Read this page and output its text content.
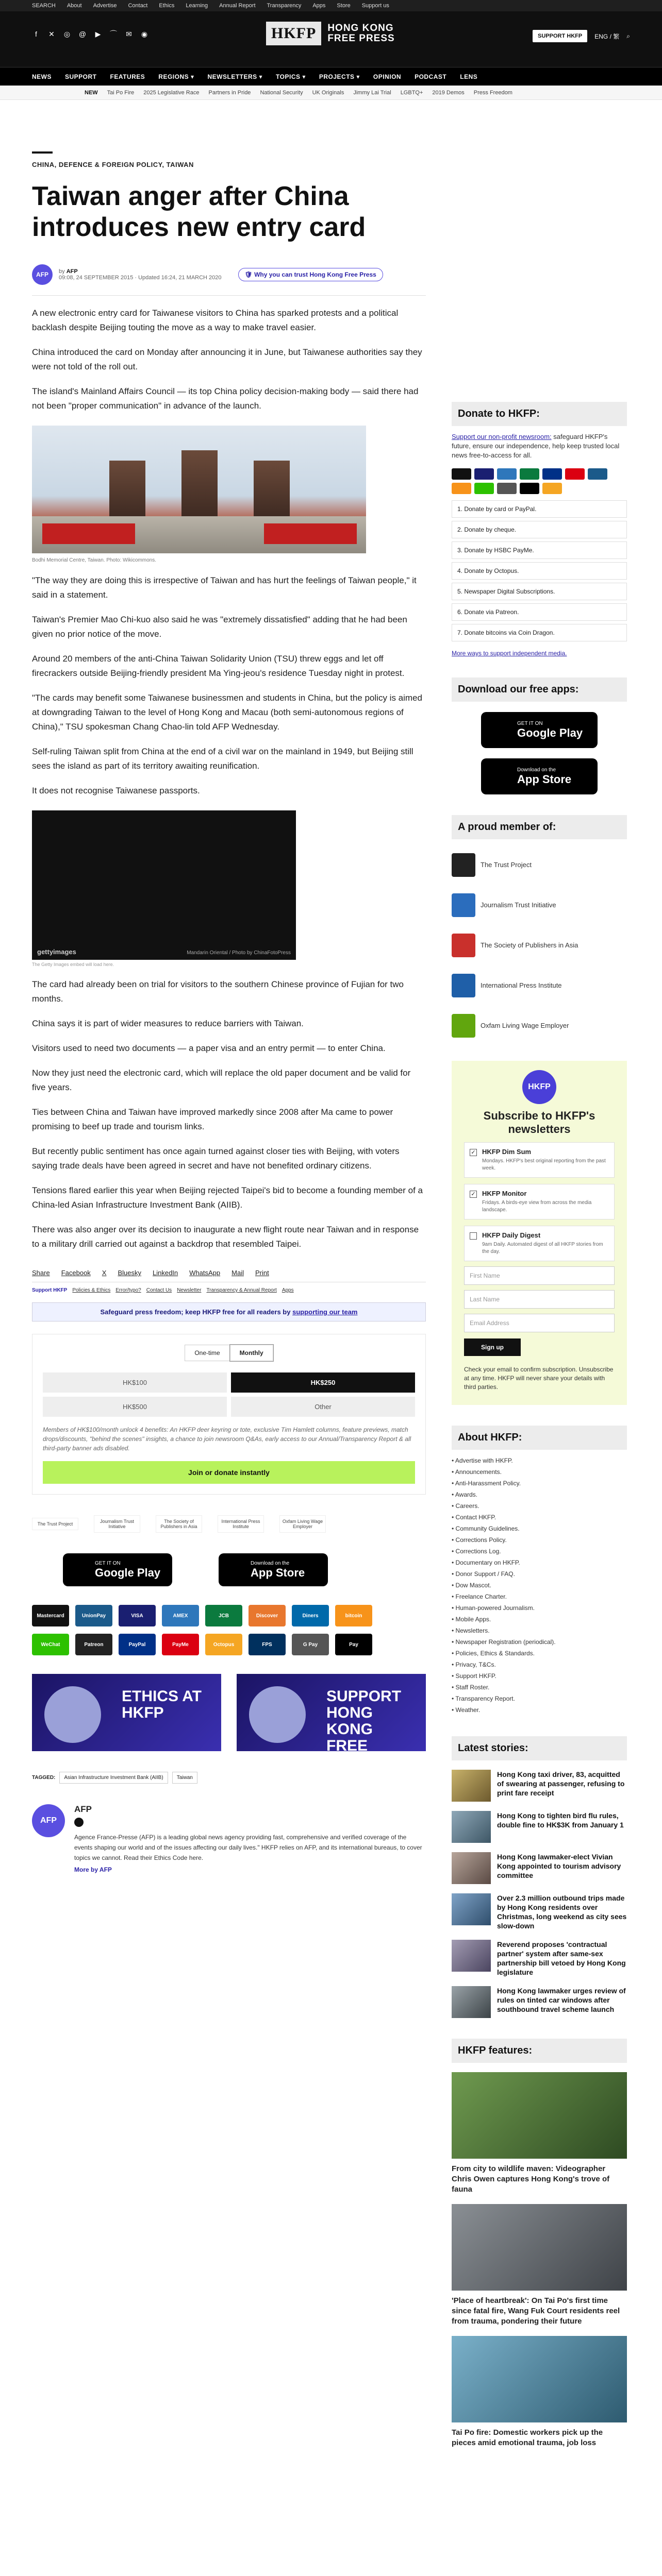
SEARCH About Advertise Contact Ethics Learning Annual Report Transparency Apps Store Support us
f	✕ ◎ @ ▶ ⌒ ✉ ◉	HKFP	HONG KONG
FREE PRESS	SUPPORT HKFP	ENG / 繁 ⌕
NEWS SUPPORT FEATURES REGIONS ▾ NEWSLETTERS ▾ TOPICS ▾ PROJECTS ▾ OPINION PODCAST LENS
NEW Tai Po Fire 2025 Legislative Race Partners in Pride National Security UK Originals Jimmy Lai Trial LGBTQ+ 2019 Demos Press Freedom
CHINA, DEFENCE & FOREIGN POLICY, TAIWAN
Taiwan anger after China introduces new entry card
AFP	by AFP
09:08, 24 SEPTEMBER 2015 · Updated 16:24, 21 MARCH 2020	🛡 Why you can trust Hong Kong Free Press

A new electronic entry card for Taiwanese visitors to China has sparked protests and a political backlash despite Beijing touting the move as a way to make travel easier.

China introduced the card on Monday after announcing it in June, but Taiwanese authorities say they were not told of the roll out.

The island's Mainland Affairs Council — its top China policy decision-making body — said there had not been "proper communication" in advance of the launch.

Bodhi Memorial Centre, Taiwan. Photo: Wikicommons.

"The way they are doing this is irrespective of Taiwan and has hurt the feelings of Taiwan people," it said in a statement.

Taiwan's Premier Mao Chi-kuo also said he was "extremely dissatisfied" adding that he had been given no prior notice of the move.

Around 20 members of the anti-China Taiwan Solidarity Union (TSU) threw eggs and let off firecrackers outside Beijing-friendly president Ma Ying-jeou's residence Tuesday night in protest.

"The cards may benefit some Taiwanese businessmen and students in China, but the policy is aimed at downgrading Taiwan to the level of Hong Kong and Macau (both semi-autonomous regions of China)," TSU spokesman Chang Chao-lin told AFP Wednesday.

Self-ruling Taiwan split from China at the end of a civil war on the mainland in 1949, but Beijing still sees the island as part of its territory awaiting reunification.

It does not recognise Taiwanese passports.

gettyimages	Mandarin Oriental / Photo by ChinaFotoPress
The Getty Images embed will load here.

The card had already been on trial for visitors to the southern Chinese province of Fujian for two months.

China says it is part of wider measures to reduce barriers with Taiwan.

Visitors used to need two documents — a paper visa and an entry permit — to enter China.

Now they just need the electronic card, which will replace the old paper document and be valid for five years.

Ties between China and Taiwan have improved markedly since 2008 after Ma came to power promising to beef up trade and tourism links.

But recently public sentiment has once again turned against closer ties with Beijing, with voters saying trade deals have been agreed in secret and have not benefited ordinary citizens.

Tensions flared earlier this year when Beijing rejected Taipei's bid to become a founding member of a China-led Asian Infrastructure Investment Bank (AIIB).

There was also anger over its decision to inaugurate a new flight route near Taiwan and in response to a military drill carried out against a backdrop that resembled Taipei.

Share Facebook X Bluesky LinkedIn WhatsApp Mail Print
Support HKFP Policies & Ethics Error/typo? Contact Us Newsletter Transparency & Annual Report Apps
Safeguard press freedom; keep HKFP free for all readers by supporting our team
One-time	Monthly
HK$100	HK$250
HK$500	Other
Members of HK$100/month unlock 4 benefits: An HKFP deer keyring or tote, exclusive Tim Hamlett columns, feature previews, match drops/discounts, "behind the scenes" insights, a chance to join newsroom Q&As, early access to our Annual/Transparency Report & all third-party banner ads disabled.
Join or donate instantly
The Trust Project	Journalism Trust Initiative
The Society of Publishers in Asia
International Press Institute
Oxfam Living Wage Employer
GET IT ON
Google Play
Download on the
App Store
Mastercard	UnionPay	VISA	AMEX	JCB	Discover	Diners	bitcoin
WeChat	Patreon	PayPal	PayMe	Octopus	FPS	G Pay	Pay
ETHICS AT HKFP
SUPPORT HONG KONG FREE PRESS
TAGGED:	Asian Infrastructure Investment Bank (AIIB)	Taiwan
AFP
AFP

Agence France-Presse (AFP) is a leading global news agency providing fast, comprehensive and verified coverage of the events shaping our world and of the issues affecting our daily lives." HKFP relies on AFP, and its international bureaus, to cover topics we cannot. Read their Ethics Code here.

More by AFP
Donate to HKFP:
Support our non-profit newsroom: safeguard HKFP's future, ensure our independence, help keep trusted local news free-to-access for all.
1. Donate by card or PayPal.
2. Donate by cheque.
3. Donate by HSBC PayMe.
4. Donate by Octopus.
5. Newspaper Digital Subscriptions.
6. Donate via Patreon.
7. Donate bitcoins via Coin Dragon.
More ways to support independent media.
Download our free apps:
GET IT ON
Google Play
Download on the
App Store
A proud member of:
The Trust Project
Journalism Trust Initiative
The Society of Publishers in Asia
International Press Institute
Oxfam Living Wage Employer
HKFP
Subscribe to HKFP's newsletters
✓ HKFP Dim Sum
Mondays. HKFP's best original reporting from the past week.
✓ HKFP Monitor
Fridays. A birds-eye view from across the media landscape.
HKFP Daily Digest
9am Daily. Automated digest of all HKFP stories from the day.
First Name
Last Name
Email Address
Sign up
Check your email to confirm subscription. Unsubscribe at any time. HKFP will never share your details with third parties.
About HKFP:
• Advertise with HKFP.
• Announcements.
• Anti-Harassment Policy.
• Awards.
• Careers.
• Contact HKFP.
• Community Guidelines.
• Corrections Policy.
• Corrections Log.
• Documentary on HKFP.
• Donor Support / FAQ.
• Dow Mascot.
• Freelance Charter.
• Human-powered Journalism.
• Mobile Apps.
• Newsletters.
• Newspaper Registration (periodical).
• Policies, Ethics & Standards.
• Privacy, T&Cs.
• Support HKFP.
• Staff Roster.
• Transparency Report.
• Weather.
Latest stories:
Hong Kong taxi driver, 83, acquitted of swearing at passenger, refusing to print fare receipt
Hong Kong to tighten bird flu rules, double fine to HK$3K from January 1
Hong Kong lawmaker-elect Vivian Kong appointed to tourism advisory committee
Over 2.3 million outbound trips made by Hong Kong residents over Christmas, long weekend as city sees slow-down
Reverend proposes 'contractual partner' system after same-sex partnership bill vetoed by Hong Kong legislature
Hong Kong lawmaker urges review of rules on tinted car windows after southbound travel scheme launch
HKFP features:
From city to wildlife maven: Videographer Chris Owen captures Hong Kong's trove of fauna
'Place of heartbreak': On Tai Po's first time since fatal fire, Wang Fuk Court residents reel from trauma, pondering their future
Tai Po fire: Domestic workers pick up the pieces amid emotional trauma, job loss
